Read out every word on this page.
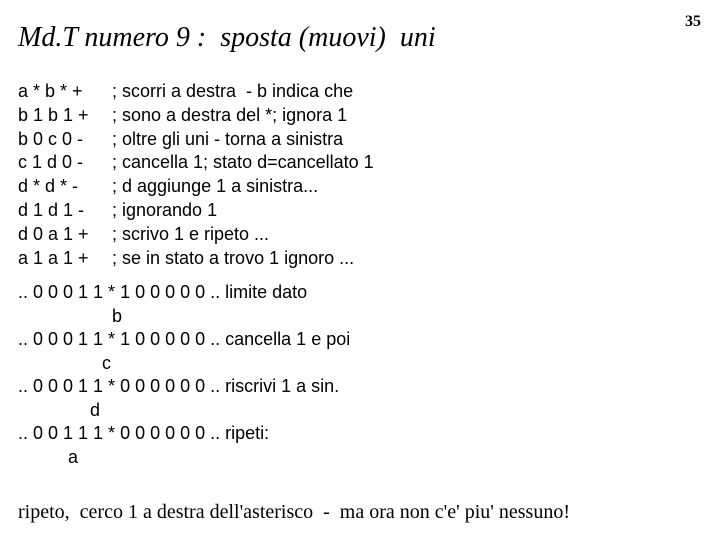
Md.T numero 9 :  sposta (muovi)  uni
35

a * b * +

; scorri a destra  - b indica che

b 1 b 1 +

; sono a destra del *; ignora 1

b 0 c 0 -

; oltre gli uni - torna a sinistra

c 1 d 0 -

; cancella 1; stato d=cancellato 1

d * d * -

; d aggiunge 1 a sinistra...

d 1 d 1 -

; ignorando 1

d 0 a 1 +

; scrivo 1 e ripeto ...

a 1 a 1 +

; se in stato a trovo 1 ignoro ...

.. 0 0 0 1 1 * 1 0 0 0 0 0 .. limite dato

b

.. 0 0 0 1 1 * 1 0 0 0 0 0 .. cancella 1 e poi

c

.. 0 0 0 1 1 * 0 0 0 0 0 0 .. riscrivi 1 a sin.

d

.. 0 0 1 1 1 * 0 0 0 0 0 0 .. ripeti:

a

ripeto,  cerco 1 a destra dell'asterisco  -  ma ora non c'e' piu' nessuno!
